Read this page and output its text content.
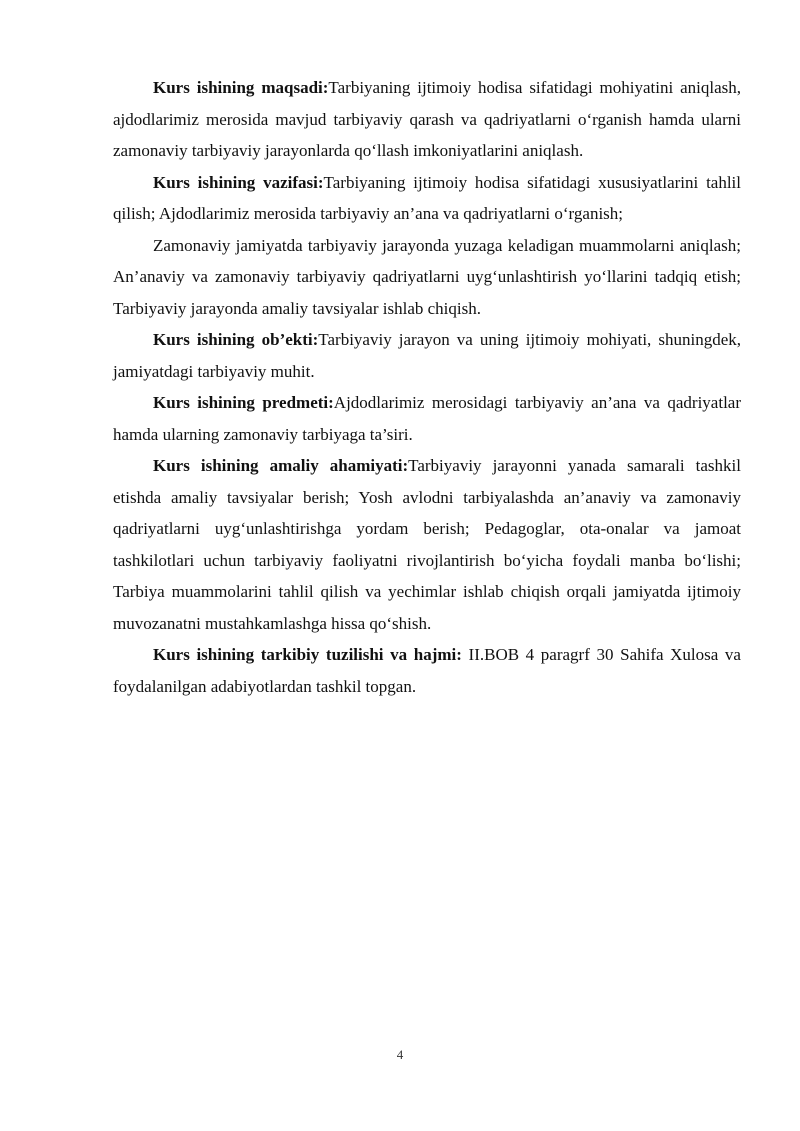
Kurs ishining maqsadi:Tarbiyaning ijtimoiy hodisa sifatidagi mohiyatini aniqlash, ajdodlarimiz merosida mavjud tarbiyaviy qarash va qadriyatlarni o‘rganish hamda ularni zamonaviy tarbiyaviy jarayonlarda qo‘llash imkoniyatlarini aniqlash.

Kurs ishining vazifasi:Tarbiyaning ijtimoiy hodisa sifatidagi xususiyatlarini tahlil qilish; Ajdodlarimiz merosida tarbiyaviy an’ana va qadriyatlarni o‘rganish;

Zamonaviy jamiyatda tarbiyaviy jarayonda yuzaga keladigan muammolarni aniqlash; An’anaviy va zamonaviy tarbiyaviy qadriyatlarni uyg‘unlashtirish yo‘llarini tadqiq etish; Tarbiyaviy jarayonda amaliy tavsiyalar ishlab chiqish.

Kurs ishining ob’ekti:Tarbiyaviy jarayon va uning ijtimoiy mohiyati, shuningdek, jamiyatdagi tarbiyaviy muhit.

Kurs ishining predmeti:Ajdodlarimiz merosidagi tarbiyaviy an’ana va qadriyatlar hamda ularning zamonaviy tarbiyaga ta’siri.

Kurs ishining amaliy ahamiyati:Tarbiyaviy jarayonni yanada samarali tashkil etishda amaliy tavsiyalar berish; Yosh avlodni tarbiyalashda an’anaviy va zamonaviy qadriyatlarni uyg‘unlashtirishga yordam berish; Pedagoglar, ota-onalar va jamoat tashkilotlari uchun tarbiyaviy faoliyatni rivojlantirish bo‘yicha foydali manba bo‘lishi; Tarbiya muammolarini tahlil qilish va yechimlar ishlab chiqish orqali jamiyatda ijtimoiy muvozanatni mustahkamlashga hissa qo‘shish.

Kurs ishining tarkibiy tuzilishi va hajmi: II.BOB 4 paragrf 30 Sahifa Xulosa va foydalanilgan adabiyotlardan tashkil topgan.

4
